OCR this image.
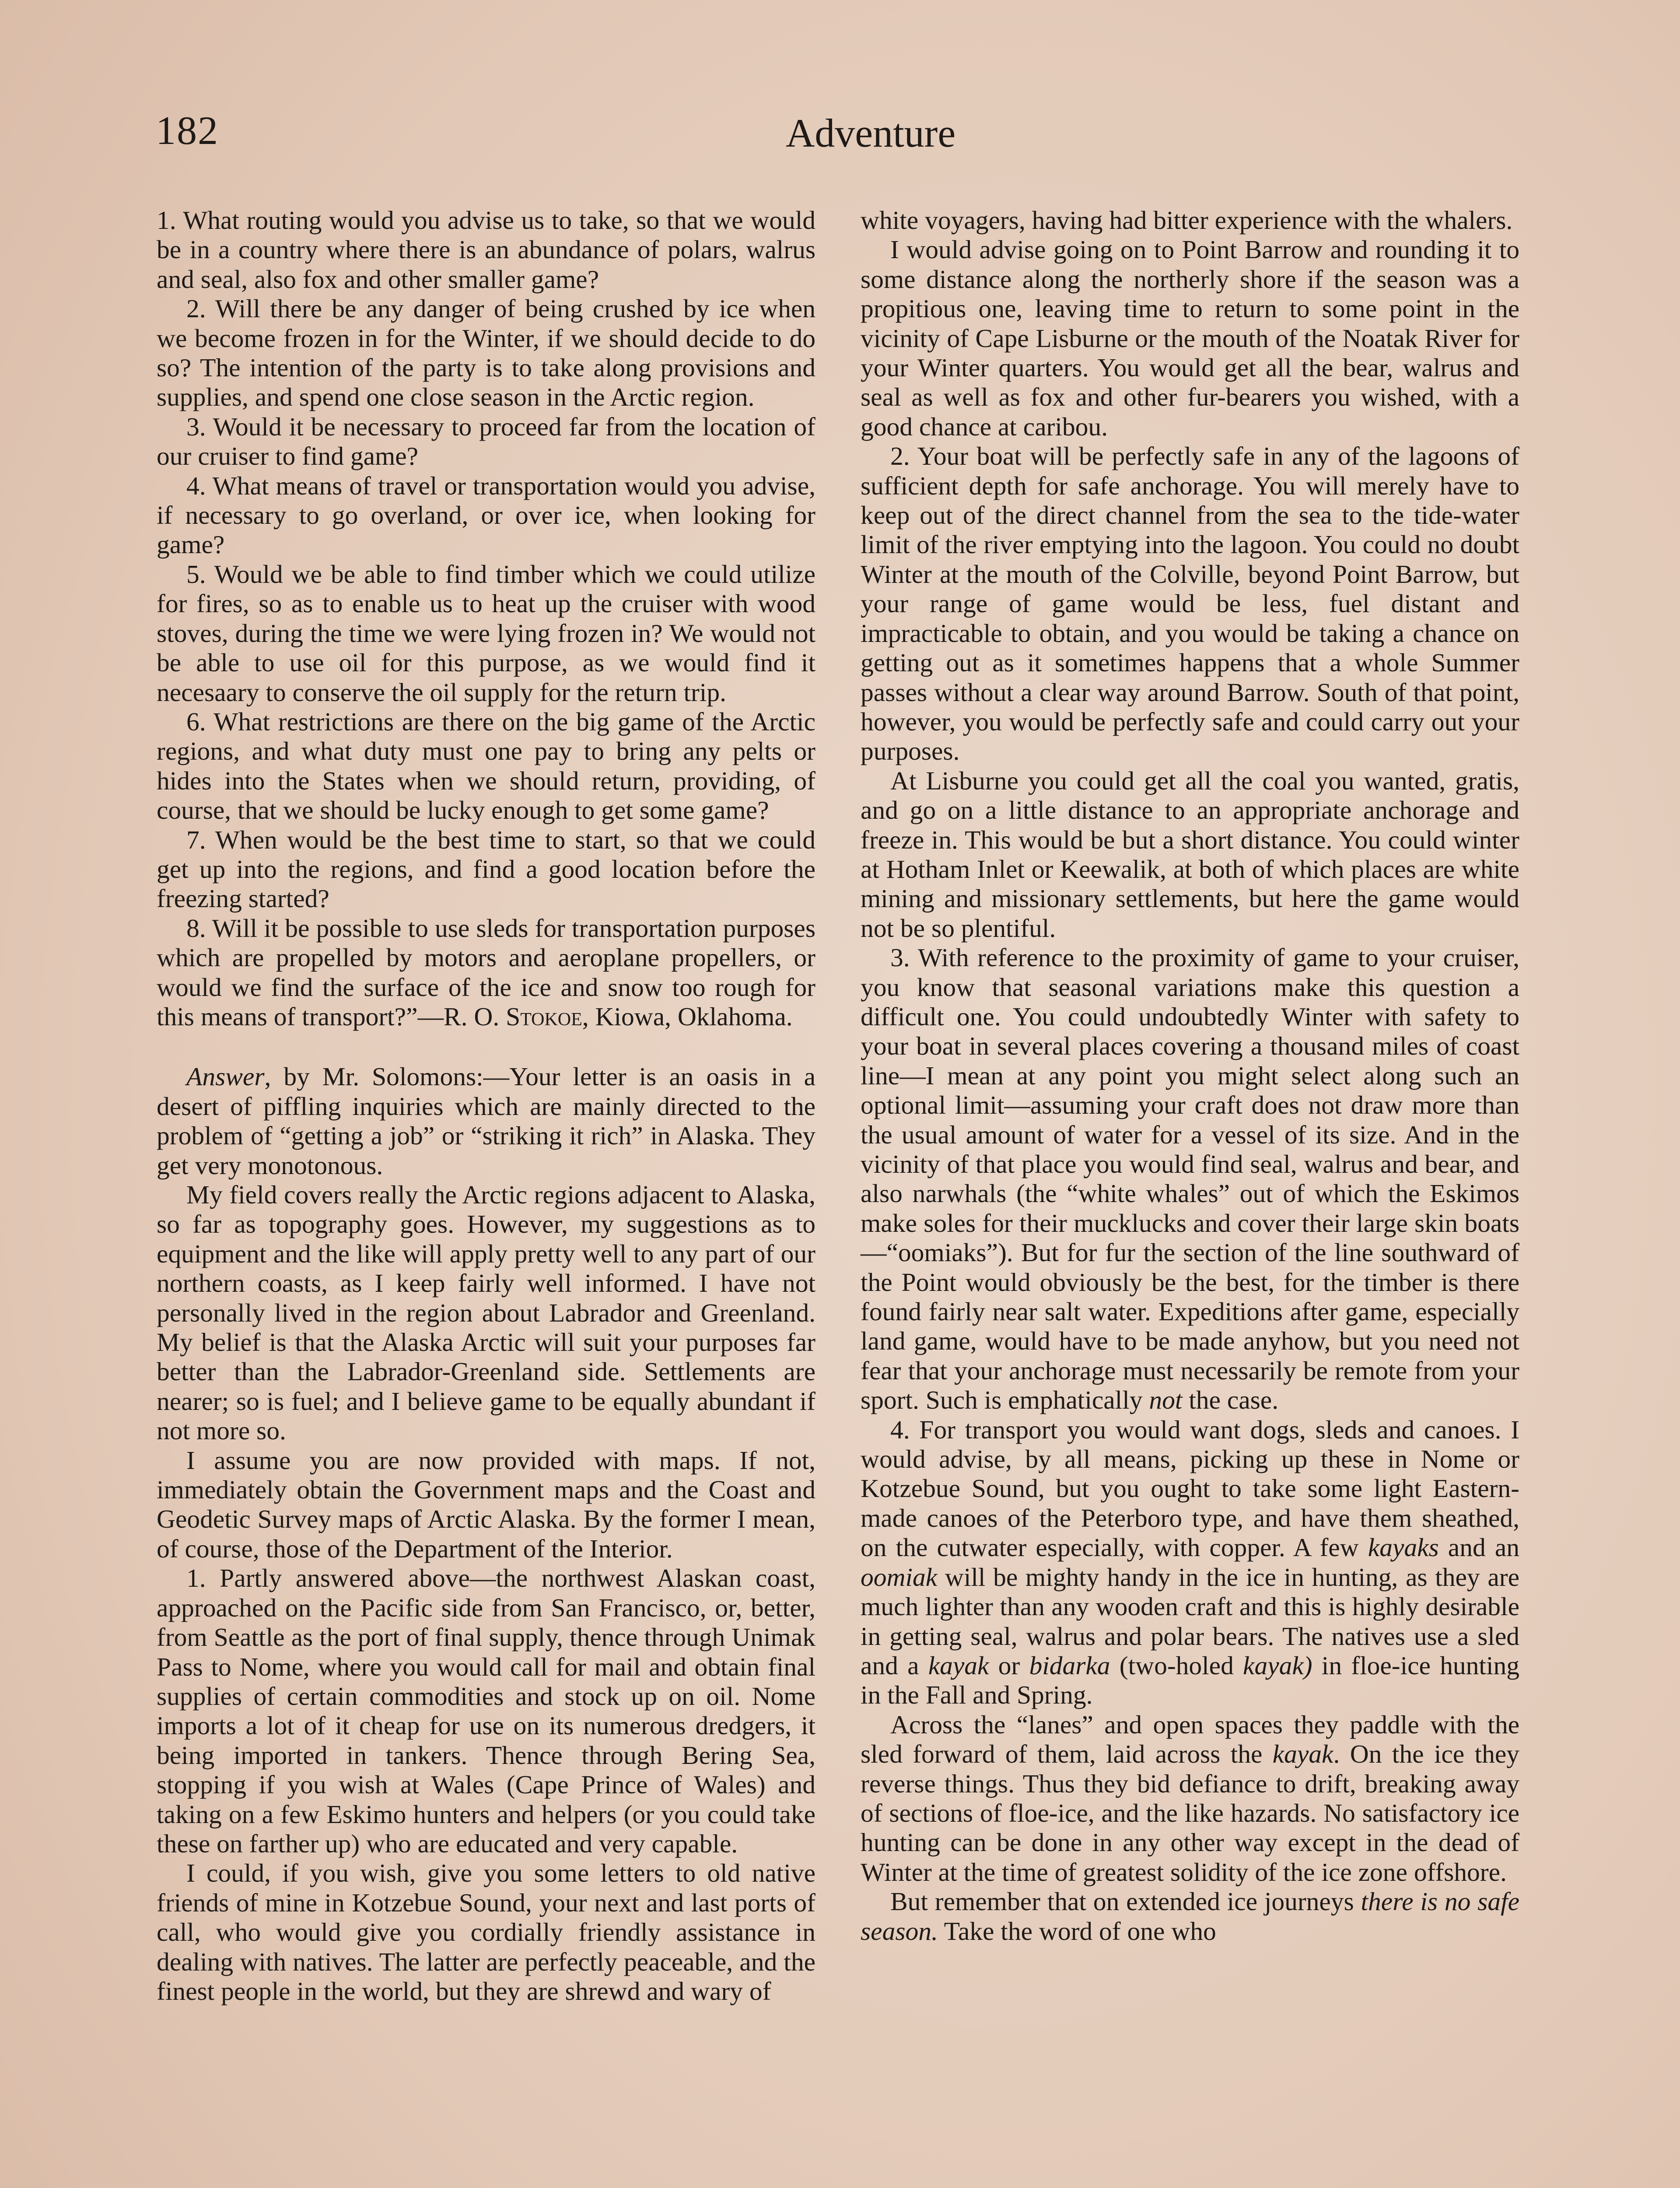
182	Adventure

1. What routing would you advise us to take, so that we would be in a country where there is an abundance of polars, walrus and seal, also fox and other smaller game?

2. Will there be any danger of being crushed by ice when we become frozen in for the Winter, if we should decide to do so? The intention of the party is to take along provisions and supplies, and spend one close season in the Arctic region.

3. Would it be necessary to proceed far from the location of our cruiser to find game?

4. What means of travel or transportation would you advise, if necessary to go overland, or over ice, when looking for game?

5. Would we be able to find timber which we could utilize for fires, so as to enable us to heat up the cruiser with wood stoves, during the time we were lying frozen in? We would not be able to use oil for this purpose, as we would find it necesaary to conserve the oil supply for the return trip.

6. What restrictions are there on the big game of the Arctic regions, and what duty must one pay to bring any pelts or hides into the States when we should return, providing, of course, that we should be lucky enough to get some game?

7. When would be the best time to start, so that we could get up into the regions, and find a good location before the freezing started?

8. Will it be possible to use sleds for transportation purposes which are propelled by motors and aeroplane propellers, or would we find the surface of the ice and snow too rough for this means of transport?”—R. O. Stokoe, Kiowa, Oklahoma.

Answer, by Mr. Solomons:—Your letter is an oasis in a desert of piffling inquiries which are mainly directed to the problem of “getting a job” or “striking it rich” in Alaska. They get very monotonous.

My field covers really the Arctic regions adjacent to Alaska, so far as topography goes. However, my suggestions as to equipment and the like will apply pretty well to any part of our northern coasts, as I keep fairly well informed. I have not personally lived in the region about Labrador and Greenland. My belief is that the Alaska Arctic will suit your purposes far better than the Labrador-Greenland side. Settlements are nearer; so is fuel; and I believe game to be equally abundant if not more so.

I assume you are now provided with maps. If not, immediately obtain the Government maps and the Coast and Geodetic Survey maps of Arctic Alaska. By the former I mean, of course, those of the Department of the Interior.

1. Partly answered above—the northwest Alaskan coast, approached on the Pacific side from San Francisco, or, better, from Seattle as the port of final supply, thence through Unimak Pass to Nome, where you would call for mail and obtain final supplies of certain commodities and stock up on oil. Nome imports a lot of it cheap for use on its numerous dredgers, it being imported in tankers. Thence through Bering Sea, stopping if you wish at Wales (Cape Prince of Wales) and taking on a few Eskimo hunters and helpers (or you could take these on farther up) who are educated and very capable.

I could, if you wish, give you some letters to old native friends of mine in Kotzebue Sound, your next and last ports of call, who would give you cordially friendly assistance in dealing with natives. The latter are perfectly peaceable, and the finest people in the world, but they are shrewd and wary of

white voyagers, having had bitter experience with the whalers.

I would advise going on to Point Barrow and rounding it to some distance along the northerly shore if the season was a propitious one, leaving time to return to some point in the vicinity of Cape Lisburne or the mouth of the Noatak River for your Winter quarters. You would get all the bear, walrus and seal as well as fox and other fur-bearers you wished, with a good chance at caribou.

2. Your boat will be perfectly safe in any of the lagoons of sufficient depth for safe anchorage. You will merely have to keep out of the direct channel from the sea to the tide-water limit of the river emptying into the lagoon. You could no doubt Winter at the mouth of the Colville, beyond Point Barrow, but your range of game would be less, fuel distant and impracticable to obtain, and you would be taking a chance on getting out as it sometimes happens that a whole Summer passes without a clear way around Barrow. South of that point, however, you would be perfectly safe and could carry out your purposes.

At Lisburne you could get all the coal you wanted, gratis, and go on a little distance to an appropriate anchorage and freeze in. This would be but a short distance. You could winter at Hotham Inlet or Keewalik, at both of which places are white mining and missionary settlements, but here the game would not be so plentiful.

3. With reference to the proximity of game to your cruiser, you know that seasonal variations make this question a difficult one. You could undoubtedly Winter with safety to your boat in several places covering a thousand miles of coast line—I mean at any point you might select along such an optional limit—assuming your craft does not draw more than the usual amount of water for a vessel of its size. And in the vicinity of that place you would find seal, walrus and bear, and also narwhals (the “white whales” out of which the Eskimos make soles for their mucklucks and cover their large skin boats—“oomiaks”). But for fur the section of the line southward of the Point would obviously be the best, for the timber is there found fairly near salt water. Expeditions after game, especially land game, would have to be made anyhow, but you need not fear that your anchorage must necessarily be remote from your sport. Such is emphatically not the case.

4. For transport you would want dogs, sleds and canoes. I would advise, by all means, picking up these in Nome or Kotzebue Sound, but you ought to take some light Eastern-made canoes of the Peterboro type, and have them sheathed, on the cutwater especially, with copper. A few kayaks and an oomiak will be mighty handy in the ice in hunting, as they are much lighter than any wooden craft and this is highly desirable in getting seal, walrus and polar bears. The natives use a sled and a kayak or bidarka (two-holed kayak) in floe-ice hunting in the Fall and Spring.

Across the “lanes” and open spaces they paddle with the sled forward of them, laid across the kayak. On the ice they reverse things. Thus they bid defiance to drift, breaking away of sections of floe-ice, and the like hazards. No satisfactory ice hunting can be done in any other way except in the dead of Winter at the time of greatest solidity of the ice zone offshore.

But remember that on extended ice journeys there is no safe season. Take the word of one who
